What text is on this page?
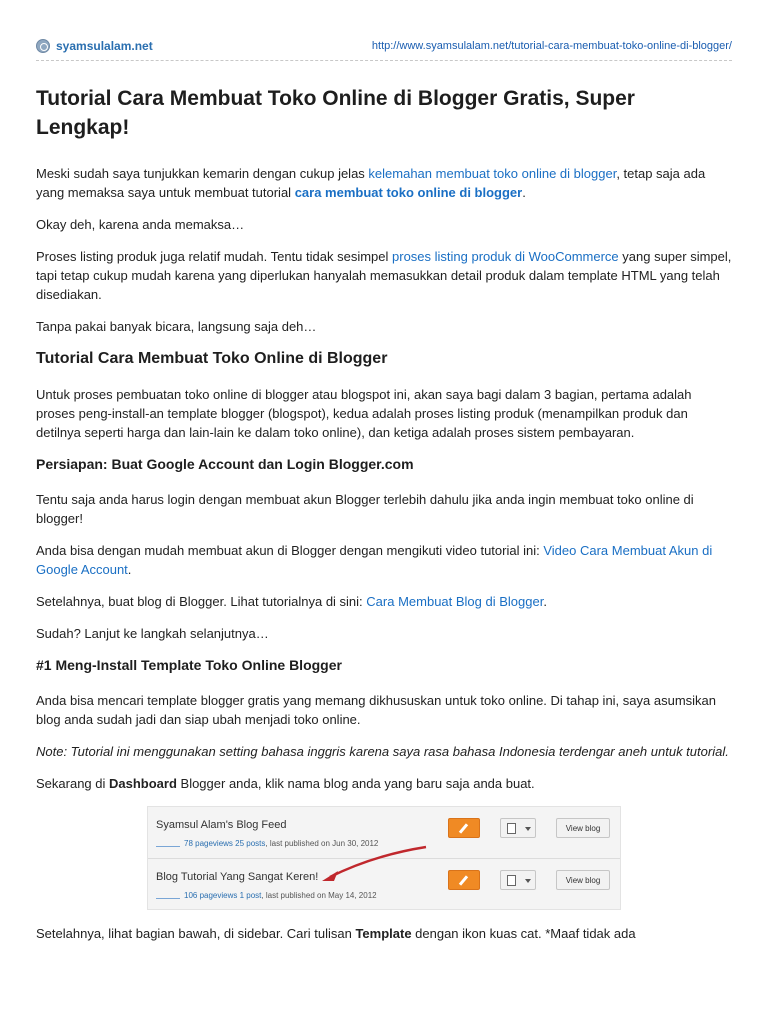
syamsulalam.net	http://www.syamsulalam.net/tutorial-cara-membuat-toko-online-di-blogger/
Tutorial Cara Membuat Toko Online di Blogger Gratis, Super Lengkap!

Meski sudah saya tunjukkan kemarin dengan cukup jelas kelemahan membuat toko online di blogger, tetap saja ada yang memaksa saya untuk membuat tutorial cara membuat toko online di blogger.

Okay deh, karena anda memaksa…

Proses listing produk juga relatif mudah. Tentu tidak sesimpel proses listing produk di WooCommerce yang super simpel, tapi tetap cukup mudah karena yang diperlukan hanyalah memasukkan detail produk dalam template HTML yang telah disediakan.

Tanpa pakai banyak bicara, langsung saja deh…

Tutorial Cara Membuat Toko Online di Blogger

Untuk proses pembuatan toko online di blogger atau blogspot ini, akan saya bagi dalam 3 bagian, pertama adalah proses peng-install-an template blogger (blogspot), kedua adalah proses listing produk (menampilkan produk dan detilnya seperti harga dan lain-lain ke dalam toko online), dan ketiga adalah proses sistem pembayaran.

Persiapan: Buat Google Account dan Login Blogger.com

Tentu saja anda harus login dengan membuat akun Blogger terlebih dahulu jika anda ingin membuat toko online di blogger!

Anda bisa dengan mudah membuat akun di Blogger dengan mengikuti video tutorial ini: Video Cara Membuat Akun di Google Account.

Setelahnya, buat blog di Blogger. Lihat tutorialnya di sini: Cara Membuat Blog di Blogger.

Sudah? Lanjut ke langkah selanjutnya…

#1 Meng-Install Template Toko Online Blogger

Anda bisa mencari template blogger gratis yang memang dikhususkan untuk toko online. Di tahap ini, saya asumsikan blog anda sudah jadi dan siap ubah menjadi toko online.

Note: Tutorial ini menggunakan setting bahasa inggris karena saya rasa bahasa Indonesia terdengar aneh untuk tutorial.

Sekarang di Dashboard Blogger anda, klik nama blog anda yang baru saja anda buat.

Syamsul Alam's Blog Feed
78 pageviews 25 posts, last published on Jun 30, 2012
View blog
Blog Tutorial Yang Sangat Keren!
106 pageviews 1 post, last published on May 14, 2012
View blog

Setelahnya, lihat bagian bawah, di sidebar. Cari tulisan Template dengan ikon kuas cat. *Maaf tidak ada
